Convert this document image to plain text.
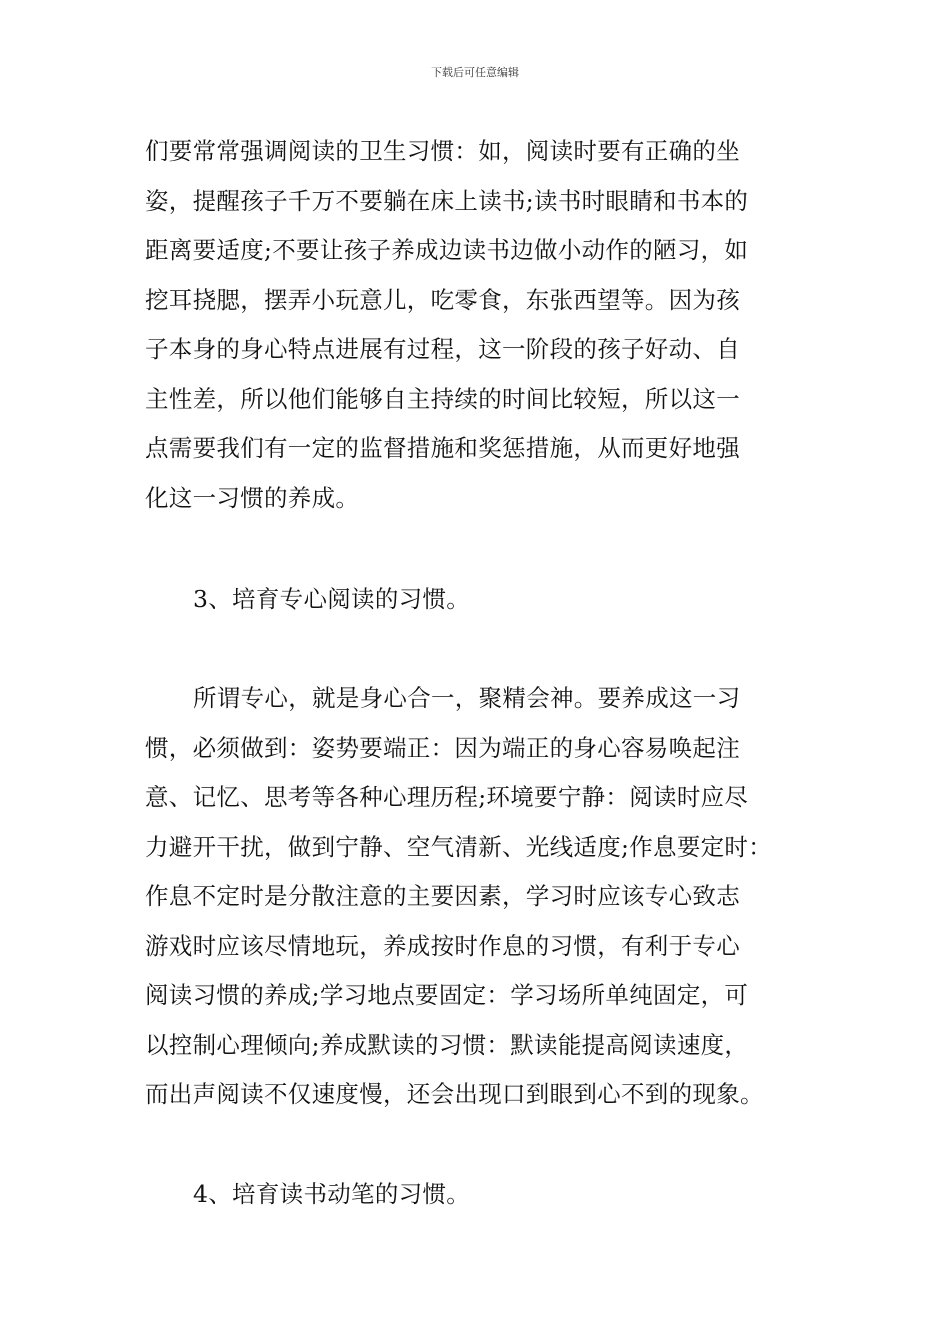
下载后可任意编辑
们要常常强调阅读的卫生习惯：如，阅读时要有正确的坐
姿，提醒孩子千万不要躺在床上读书;读书时眼睛和书本的
距离要适度;不要让孩子养成边读书边做小动作的陋习，如
挖耳挠腮，摆弄小玩意儿，吃零食，东张西望等。因为孩
子本身的身心特点进展有过程，这一阶段的孩子好动、自
主性差，所以他们能够自主持续的时间比较短，所以这一
点需要我们有一定的监督措施和奖惩措施，从而更好地强
化这一习惯的养成。
3、培育专心阅读的习惯。
所谓专心，就是身心合一，聚精会神。要养成这一习
惯，必须做到：姿势要端正：因为端正的身心容易唤起注
意、记忆、思考等各种心理历程;环境要宁静：阅读时应尽
力避开干扰，做到宁静、空气清新、光线适度;作息要定时：
作息不定时是分散注意的主要因素，学习时应该专心致志
游戏时应该尽情地玩，养成按时作息的习惯，有利于专心
阅读习惯的养成;学习地点要固定：学习场所单纯固定，可
以控制心理倾向;养成默读的习惯：默读能提高阅读速度，
而出声阅读不仅速度慢，还会出现口到眼到心不到的现象。
4、培育读书动笔的习惯。
